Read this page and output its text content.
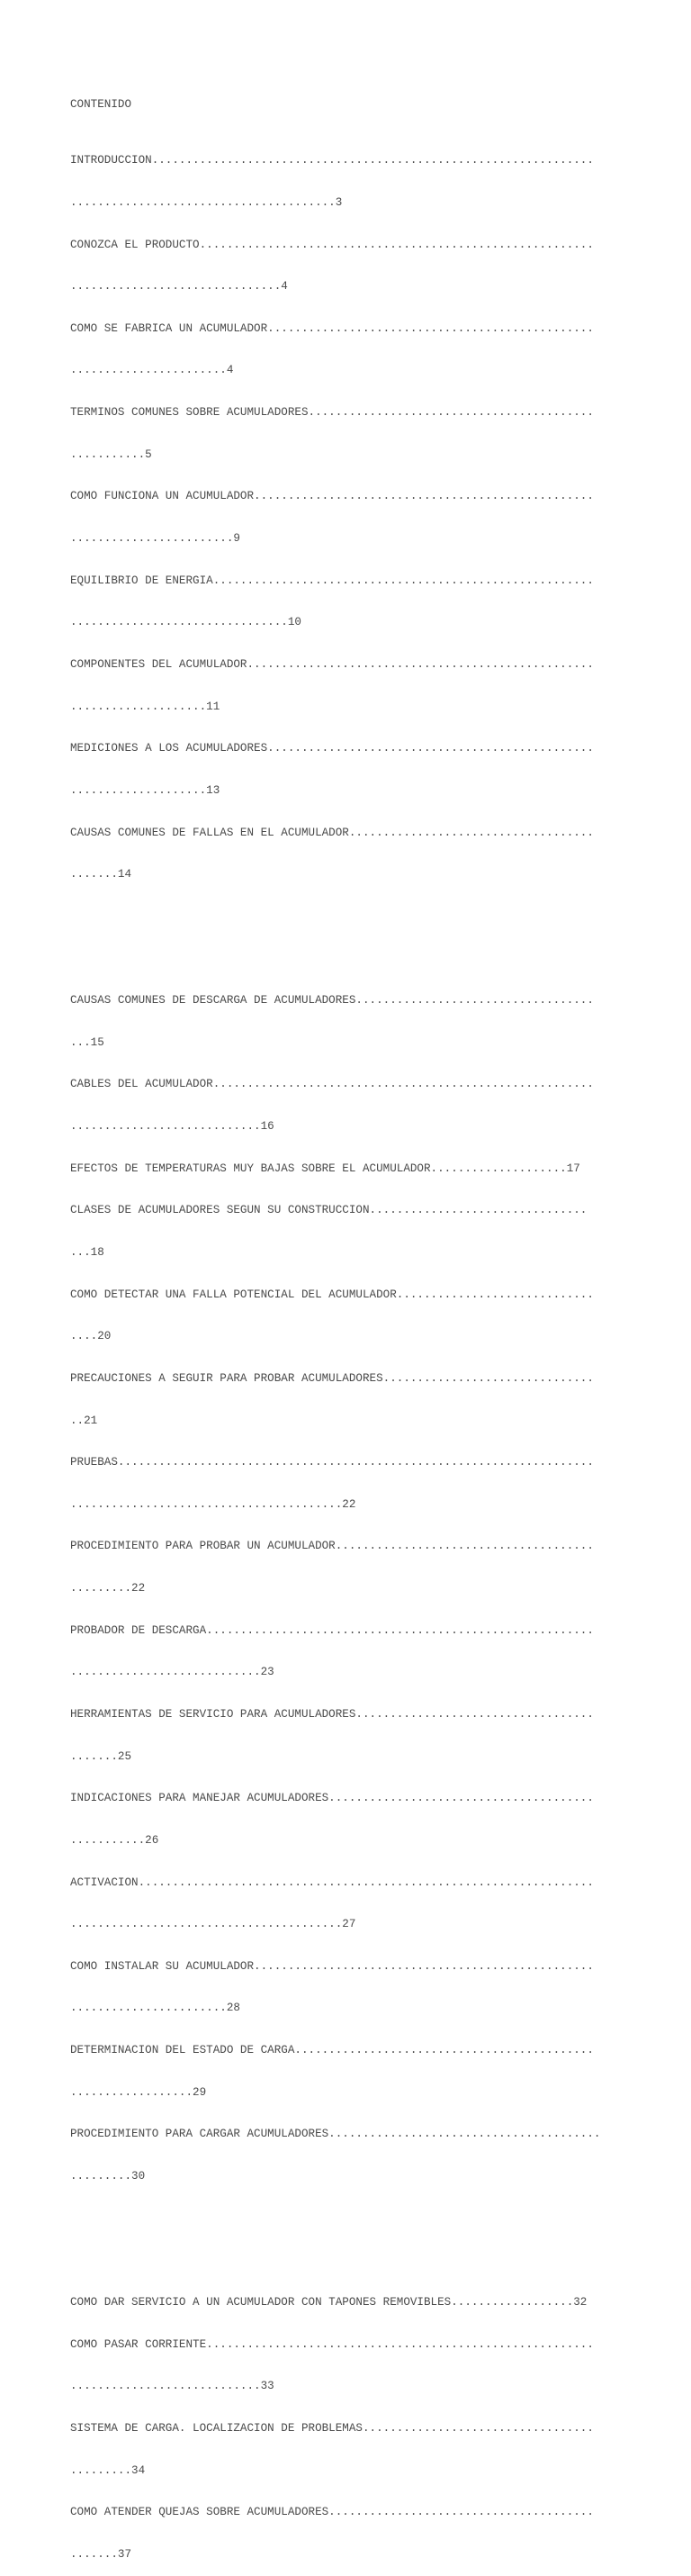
CONTENIDO

INTRODUCCION.................................................................

.......................................3

CONOZCA EL PRODUCTO..........................................................

...............................4

COMO SE FABRICA UN ACUMULADOR................................................

.......................4

TERMINOS COMUNES SOBRE ACUMULADORES..........................................

...........5

COMO FUNCIONA UN ACUMULADOR..................................................

........................9

EQUILIBRIO DE ENERGIA........................................................

................................10

COMPONENTES DEL ACUMULADOR...................................................

....................11

MEDICIONES A LOS ACUMULADORES................................................

....................13

CAUSAS COMUNES DE FALLAS EN EL ACUMULADOR....................................

.......14

CAUSAS COMUNES DE DESCARGA DE ACUMULADORES...................................

...15

CABLES DEL ACUMULADOR........................................................

............................16

EFECTOS DE TEMPERATURAS MUY BAJAS SOBRE EL ACUMULADOR....................17

CLASES DE ACUMULADORES SEGUN SU CONSTRUCCION................................

...18

COMO DETECTAR UNA FALLA POTENCIAL DEL ACUMULADOR.............................

....20

PRECAUCIONES A SEGUIR PARA PROBAR ACUMULADORES...............................

..21

PRUEBAS......................................................................

........................................22

PROCEDIMIENTO PARA PROBAR UN ACUMULADOR......................................

.........22

PROBADOR DE DESCARGA.........................................................

............................23

HERRAMIENTAS DE SERVICIO PARA ACUMULADORES...................................

.......25

INDICACIONES PARA MANEJAR ACUMULADORES.......................................

...........26

ACTIVACION...................................................................

........................................27

COMO INSTALAR SU ACUMULADOR..................................................

.......................28

DETERMINACION DEL ESTADO DE CARGA............................................

..................29

PROCEDIMIENTO PARA CARGAR ACUMULADORES........................................

.........30

COMO DAR SERVICIO A UN ACUMULADOR CON TAPONES REMOVIBLES..................32

COMO PASAR CORRIENTE.........................................................

............................33

SISTEMA DE CARGA. LOCALIZACION DE PROBLEMAS..................................

.........34

COMO ATENDER QUEJAS SOBRE ACUMULADORES.......................................

.......37
